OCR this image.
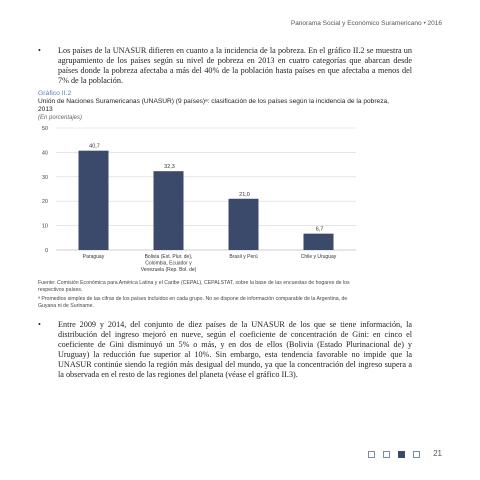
Panorama Social y Económico Suramericano • 2016
• Los países de la UNASUR difieren en cuanto a la incidencia de la pobreza. En el gráfico II.2 se muestra un agrupamiento de los países según su nivel de pobreza en 2013 en cuatro categorías que abarcan desde países donde la pobreza afectaba a más del 40% de la población hasta países en que afectaba a menos del 7% de la población.
Gráfico II.2
Unión de Naciones Suramericanas (UNASUR) (9 países)ᵃ: clasificación de los países según la incidencia de la pobreza, 2013
(En porcentajes)
0
10
20
30
40
50
40,7
Paraguay
32,3
Bolivia (Est. Plur. de),
Colombia, Ecuador y
Venezuela (Rep. Bol. de)
21,0
Brasil y Perú
6,7
Chile y Uruguay
Fuente: Comisión Económica para América Latina y el Caribe (CEPAL), CEPALSTAT, sobre la base de las encuestas de hogares de los respectivos países.
ᵃ Promedios simples de las cifras de los países incluidos en cada grupo. No se dispone de información comparable de la Argentina, de Guyana ni de Suriname.
• Entre 2009 y 2014, del conjunto de diez países de la UNASUR de los que se tiene información, la distribución del ingreso mejoró en nueve, según el coeficiente de concentración de Gini: en cinco el coeficiente de Gini disminuyó un 5% o más, y en dos de ellos (Bolivia (Estado Plurinacional de) y Uruguay) la reducción fue superior al 10%. Sin embargo, esta tendencia favorable no impide que la UNASUR continúe siendo la región más desigual del mundo, ya que la concentración del ingreso supera a la observada en el resto de las regiones del planeta (véase el gráfico II.3).
21
